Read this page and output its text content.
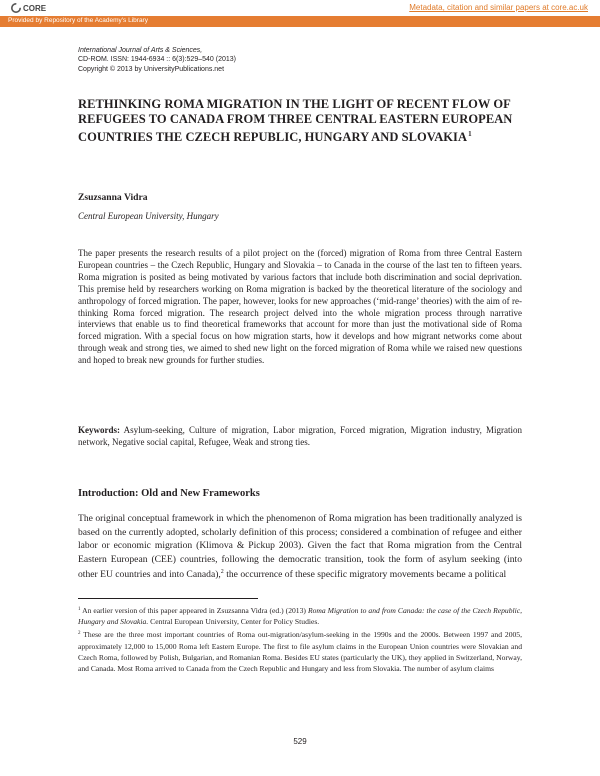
CORE	Metadata, citation and similar papers at core.ac.uk
Provided by Repository of the Academy's Library
International Journal of Arts & Sciences,
CD-ROM. ISSN: 1944-6934 :: 6(3):529–540 (2013)
Copyright © 2013 by UniversityPublications.net
RETHINKING ROMA MIGRATION IN THE LIGHT OF RECENT FLOW OF REFUGEES TO CANADA FROM THREE CENTRAL EASTERN EUROPEAN COUNTRIES THE CZECH REPUBLIC, HUNGARY AND SLOVAKIA$^1$
Zsuzsanna Vidra
Central European University, Hungary

The paper presents the research results of a pilot project on the (forced) migration of Roma from three Central Eastern European countries – the Czech Republic, Hungary and Slovakia – to Canada in the course of the last ten to fifteen years. Roma migration is posited as being motivated by various factors that include both discrimination and social deprivation. This premise held by researchers working on Roma migration is backed by the theoretical literature of the sociology and anthropology of forced migration. The paper, however, looks for new approaches (‘mid-range’ theories) with the aim of re-thinking Roma forced migration. The research project delved into the whole migration process through narrative interviews that enable us to find theoretical frameworks that account for more than just the motivational side of Roma forced migration. With a special focus on how migration starts, how it develops and how migrant networks come about through weak and strong ties, we aimed to shed new light on the forced migration of Roma while we raised new questions and hoped to break new grounds for further studies.

Keywords: Asylum-seeking, Culture of migration, Labor migration, Forced migration, Migration industry, Migration network, Negative social capital, Refugee, Weak and strong ties.

Introduction: Old and New Frameworks

The original conceptual framework in which the phenomenon of Roma migration has been traditionally analyzed is based on the currently adopted, scholarly definition of this process; considered a combination of refugee and either labor or economic migration (Klimova & Pickup 2003). Given the fact that Roma migration from the Central Eastern European (CEE) countries, following the democratic transition, took the form of asylum seeking (into other EU countries and into Canada),$^2$ the occurrence of these specific migratory movements became a political

$^1$ An earlier version of this paper appeared in Zsuzsanna Vidra (ed.) (2013) Roma Migration to and from Canada: the case of the Czech Republic, Hungary and Slovakia. Central European University, Center for Policy Studies.

$^2$ These are the three most important countries of Roma out-migration/asylum-seeking in the 1990s and the 2000s. Between 1997 and 2005, approximately 12,000 to 15,000 Roma left Eastern Europe. The first to file asylum claims in the European Union countries were Slovakian and Czech Roma, followed by Polish, Bulgarian, and Romanian Roma. Besides EU states (particularly the UK), they applied in Switzerland, Norway, and Canada. Most Roma arrived to Canada from the Czech Republic and Hungary and less from Slovakia. The number of asylum claims

529
